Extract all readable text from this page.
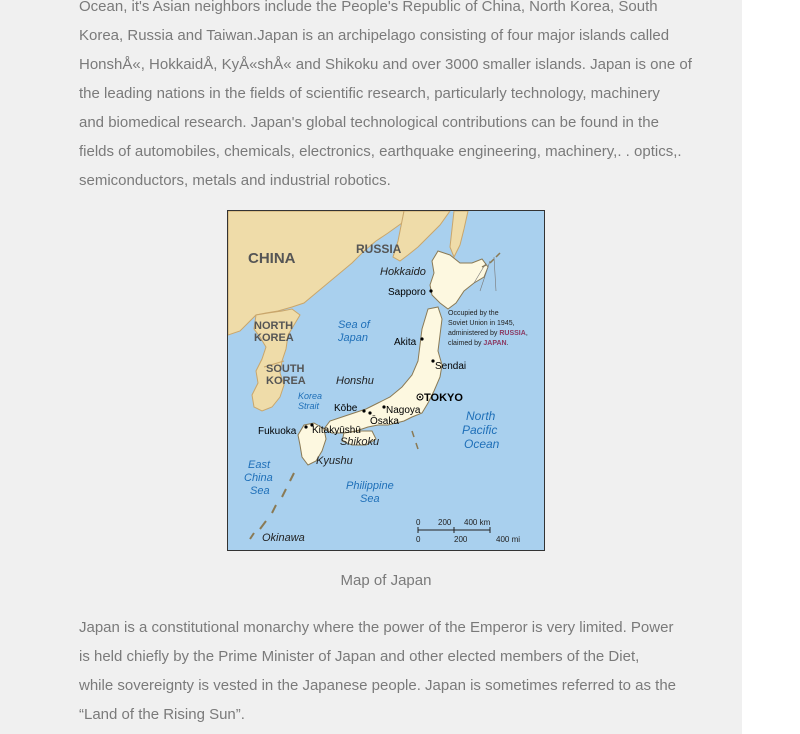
Ocean, it's Asian neighbors include the People's Republic of China, North Korea, South
Korea, Russia and Taiwan.Japan is an archipelago consisting of four major islands called
HonshÅ«, HokkaidÅ, KyÅ«shÅ« and Shikoku and over 3000 smaller islands. Japan is one of
the leading nations in the fields of scientific research, particularly technology, machinery
and biomedical research. Japan's global technological contributions can be found in the
fields of automobiles, chemicals, electronics, earthquake engineering, machinery,. . optics,.
semiconductors, metals and industrial robotics.

CHINA
RUSSIA
NORTH
KOREA
SOUTH
KOREA
Hokkaido
Honshu
Shikoku
Kyushu
Okinawa
TOKYO
Sapporo
Akita
Sendai
Nagoya
Kōbe
Ōsaka
Fukuoka Kitakyūshū
Sea of
Japan
Korea
Strait
North
Pacific
Ocean
East
China
Sea	Philippine
Sea
Occupied by the
Soviet Union in 1945,
administered by RUSSIA,
claimed by JAPAN.
0 200 400 km
0	200	400 mi
Map of Japan

Japan is a constitutional monarchy where the power of the Emperor is very limited. Power
is held chiefly by the Prime Minister of Japan and other elected members of the Diet,
while sovereignty is vested in the Japanese people. Japan is sometimes referred to as the
“Land of the Rising Sun”.
